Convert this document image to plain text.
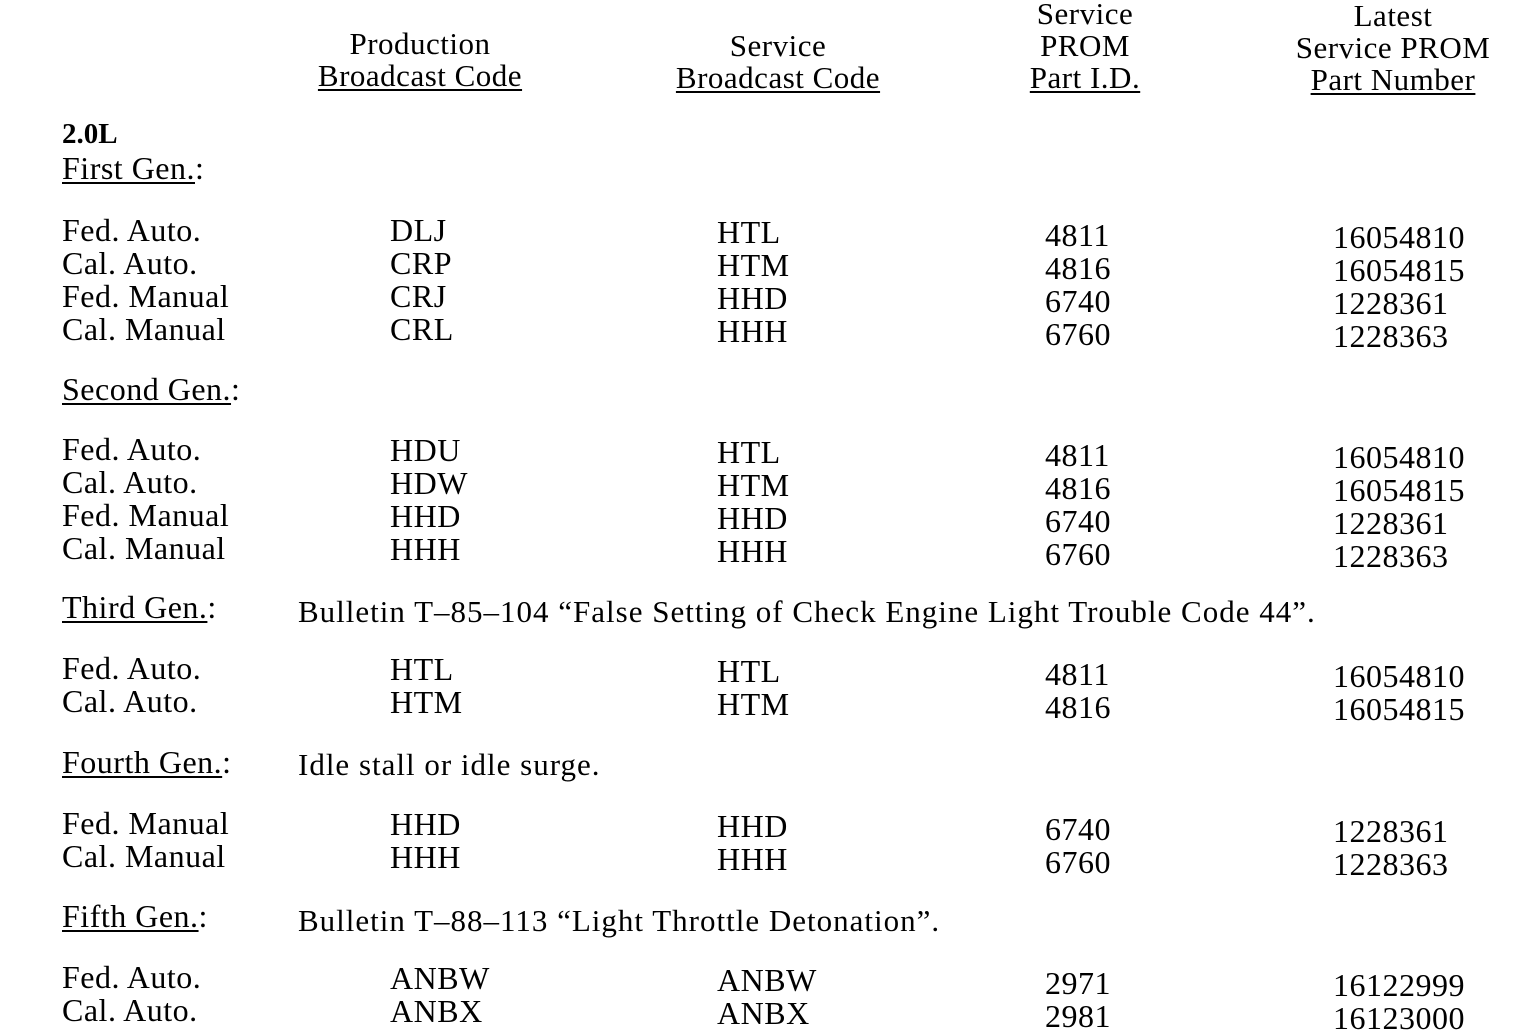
Production
Broadcast Code
Service
Broadcast Code
Service
PROM
Part I.D.
Latest
Service PROM
Part Number
2.0L
First Gen.:
Fed. Auto.
Cal. Auto.
Fed. Manual
Cal. Manual
DLJ
CRP
CRJ
CRL
HTL
HTM
HHD
HHH
4811
4816
6740
6760
16054810
16054815
1228361
1228363
Second Gen.:
Fed. Auto.
Cal. Auto.
Fed. Manual
Cal. Manual
HDU
HDW
HHD
HHH
HTL
HTM
HHD
HHH
4811
4816
6740
6760
16054810
16054815
1228361
1228363
Third Gen.:	Bulletin T–85–104 “False Setting of Check Engine Light Trouble Code 44”.
Fed. Auto.
Cal. Auto.
HTL
HTM
HTL
HTM
4811
4816
16054810
16054815
Fourth Gen.: Idle stall or idle surge.
Fed. Manual
Cal. Manual
HHD
HHH
HHD
HHH
6740
6760
1228361
1228363
Fifth Gen.:	Bulletin T–88–113 “Light Throttle Detonation”.
Fed. Auto.
Cal. Auto.
ANBW
ANBX
ANBW
ANBX
2971
2981
16122999
16123000
